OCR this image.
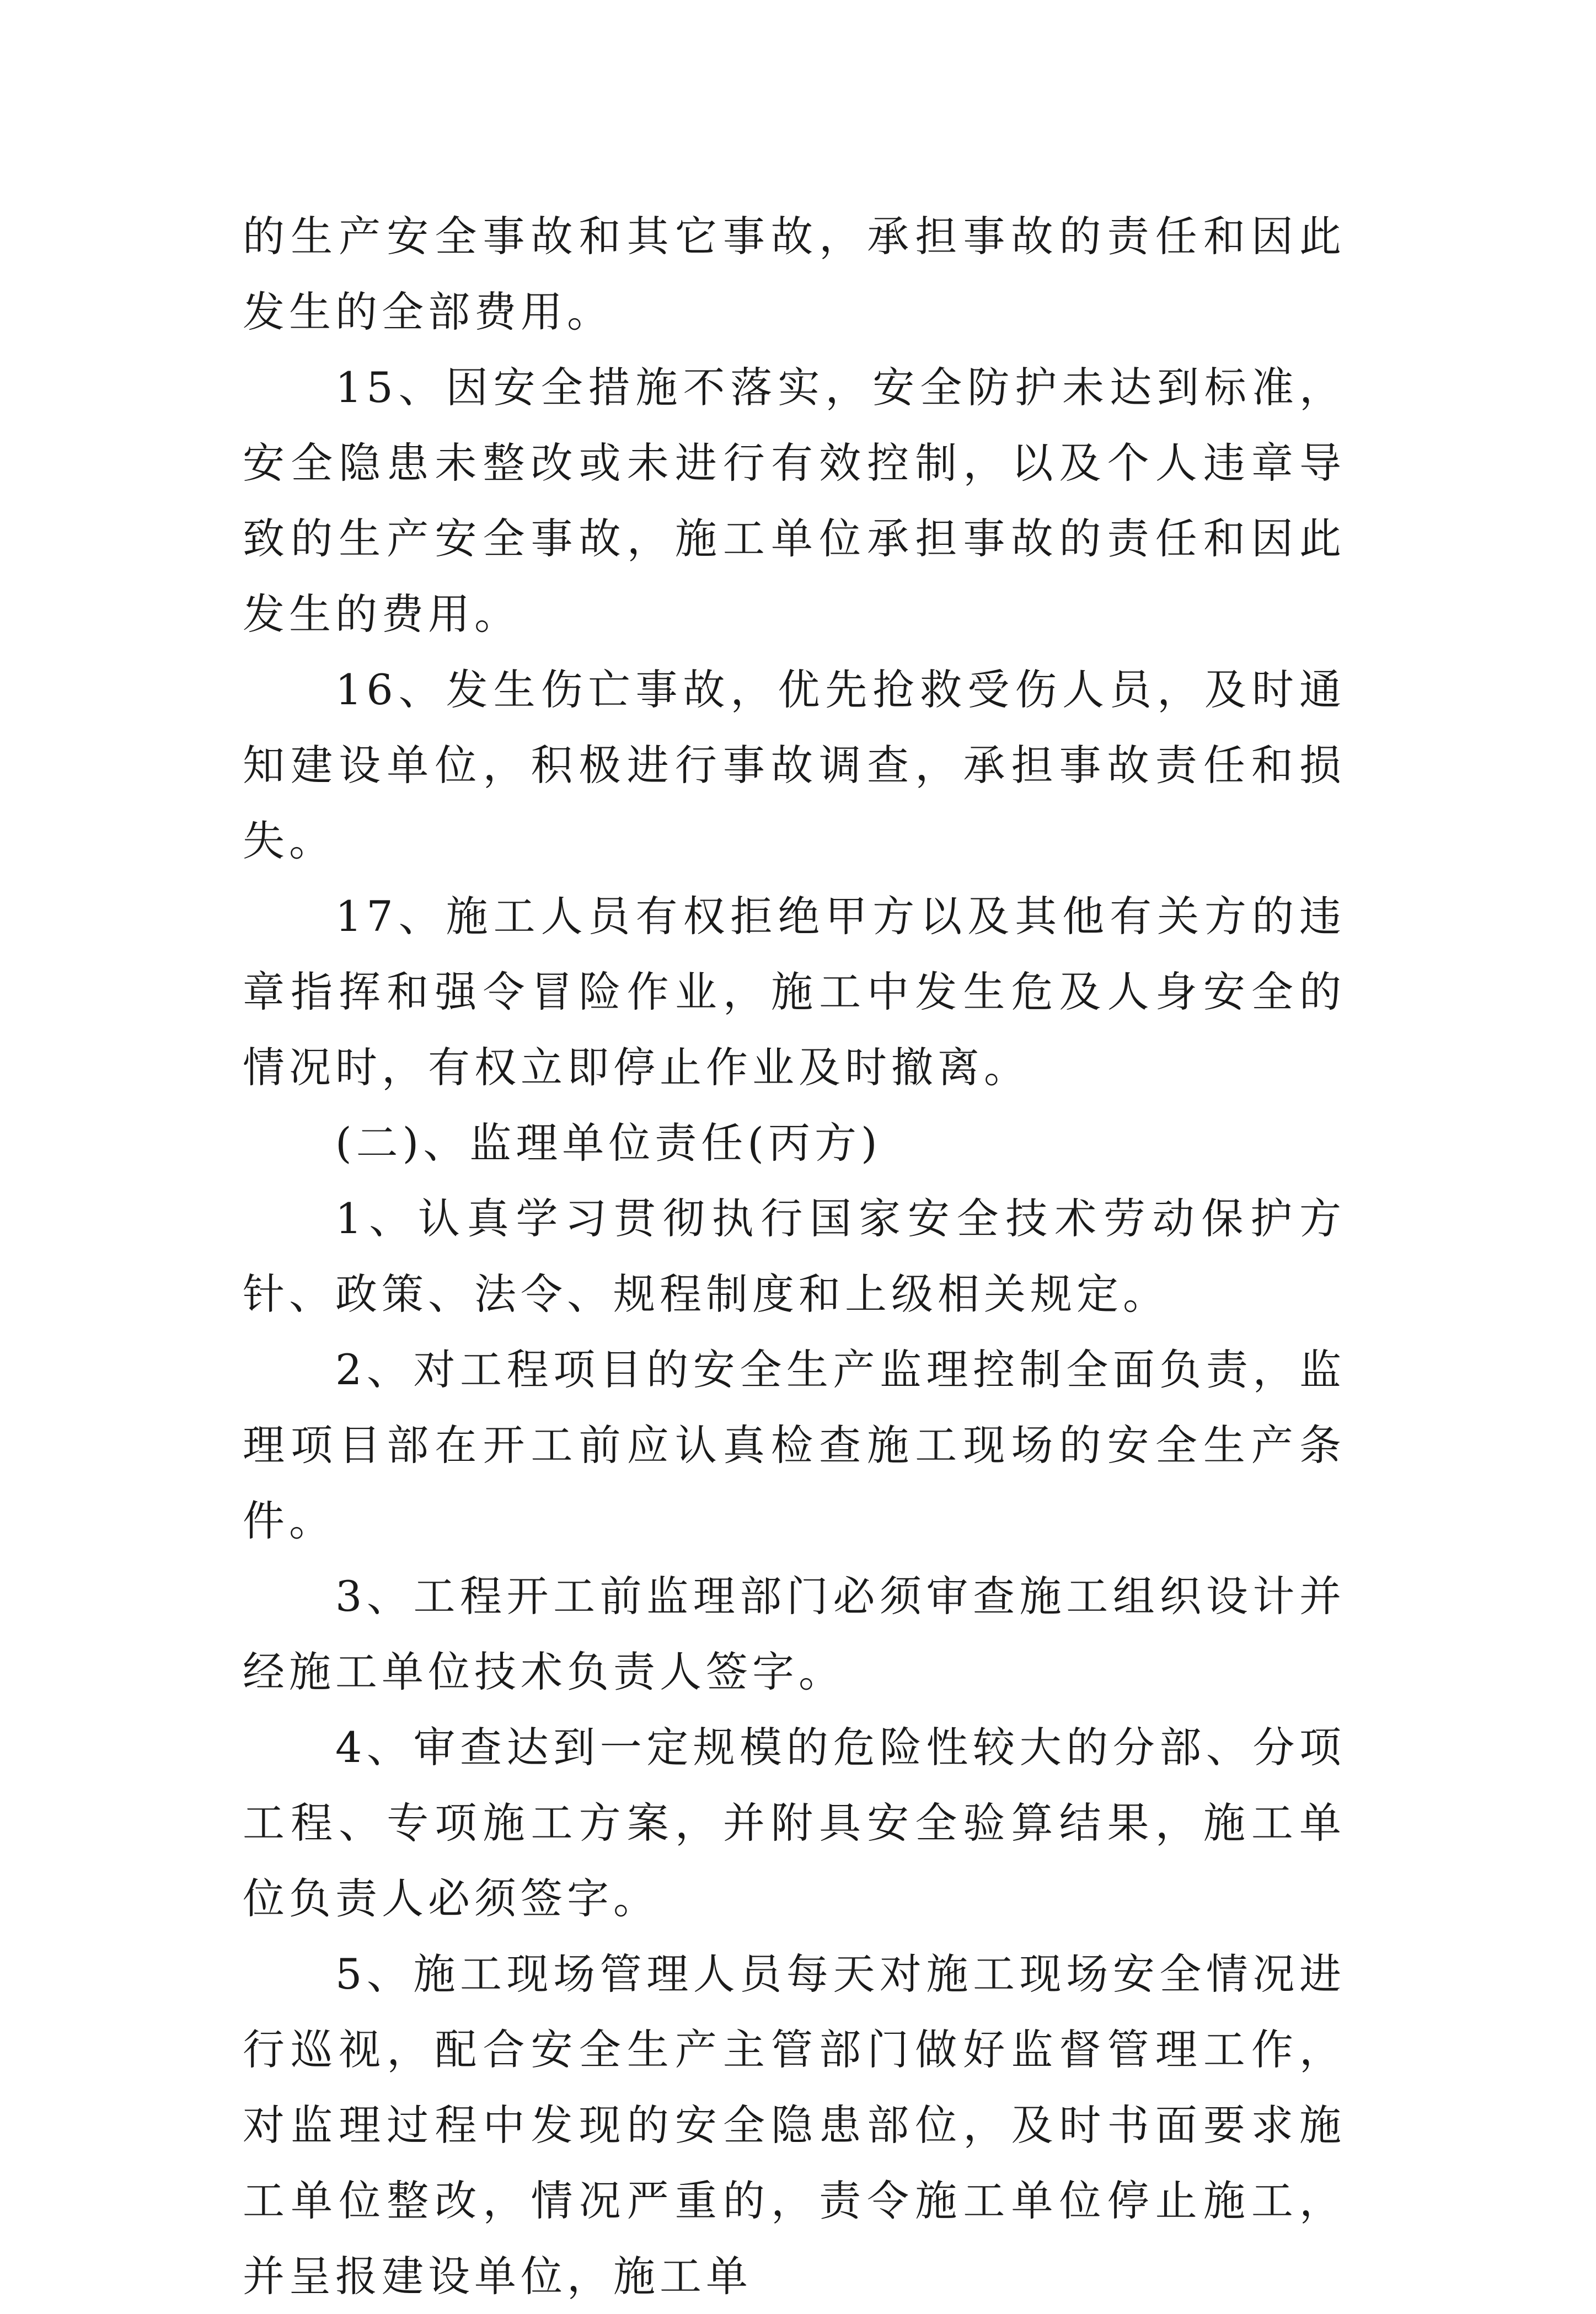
的生产安全事故和其它事故，承担事故的责任和因此发生的全部费用。

15、因安全措施不落实，安全防护未达到标准，安全隐患未整改或未进行有效控制，以及个人违章导致的生产安全事故，施工单位承担事故的责任和因此发生的费用。

16、发生伤亡事故，优先抢救受伤人员，及时通知建设单位，积极进行事故调查，承担事故责任和损失。

17、施工人员有权拒绝甲方以及其他有关方的违章指挥和强令冒险作业，施工中发生危及人身安全的情况时，有权立即停止作业及时撤离。

(二)、监理单位责任(丙方)

1、认真学习贯彻执行国家安全技术劳动保护方针、政策、法令、规程制度和上级相关规定。

2、对工程项目的安全生产监理控制全面负责，监理项目部在开工前应认真检查施工现场的安全生产条件。

3、工程开工前监理部门必须审查施工组织设计并经施工单位技术负责人签字。

4、审查达到一定规模的危险性较大的分部、分项工程、专项施工方案，并附具安全验算结果，施工单位负责人必须签字。

5、施工现场管理人员每天对施工现场安全情况进行巡视，配合安全生产主管部门做好监督管理工作，对监理过程中发现的安全隐患部位，及时书面要求施工单位整改，情况严重的，责令施工单位停止施工，并呈报建设单位，施工单
